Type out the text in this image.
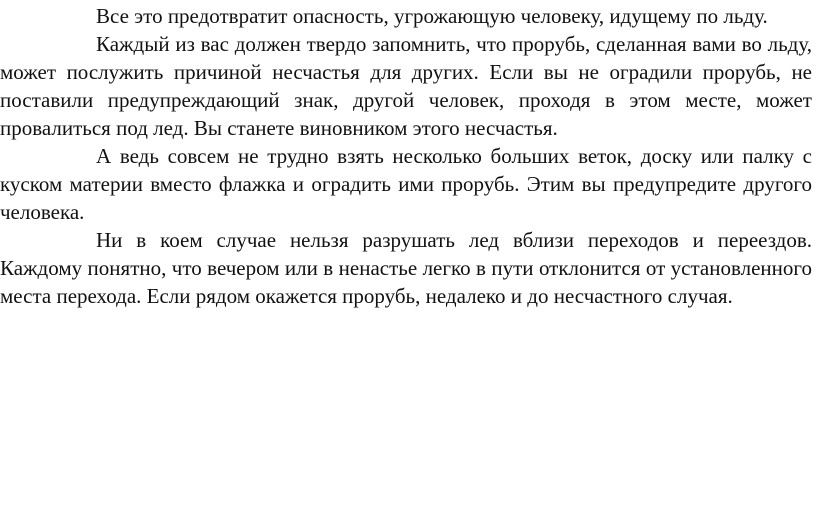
Все это предотвратит опасность, угрожающую человеку, идущему по льду.

Каждый из вас должен твердо запомнить, что прорубь, сделанная вами во льду, может послужить причиной несчастья для других. Если вы не оградили прорубь, не поставили предупреждающий знак, другой человек, проходя в этом месте, может провалиться под лед. Вы станете виновником этого несчастья.

А ведь совсем не трудно взять несколько больших веток, доску или палку с куском материи вместо флажка и оградить ими прорубь. Этим вы предупредите другого человека.

Ни в коем случае нельзя разрушать лед вблизи переходов и переездов. Каждому понятно, что вечером или в ненастье легко в пути отклонится от установленного места перехода. Если рядом окажется прорубь, недалеко и до несчастного случая.
